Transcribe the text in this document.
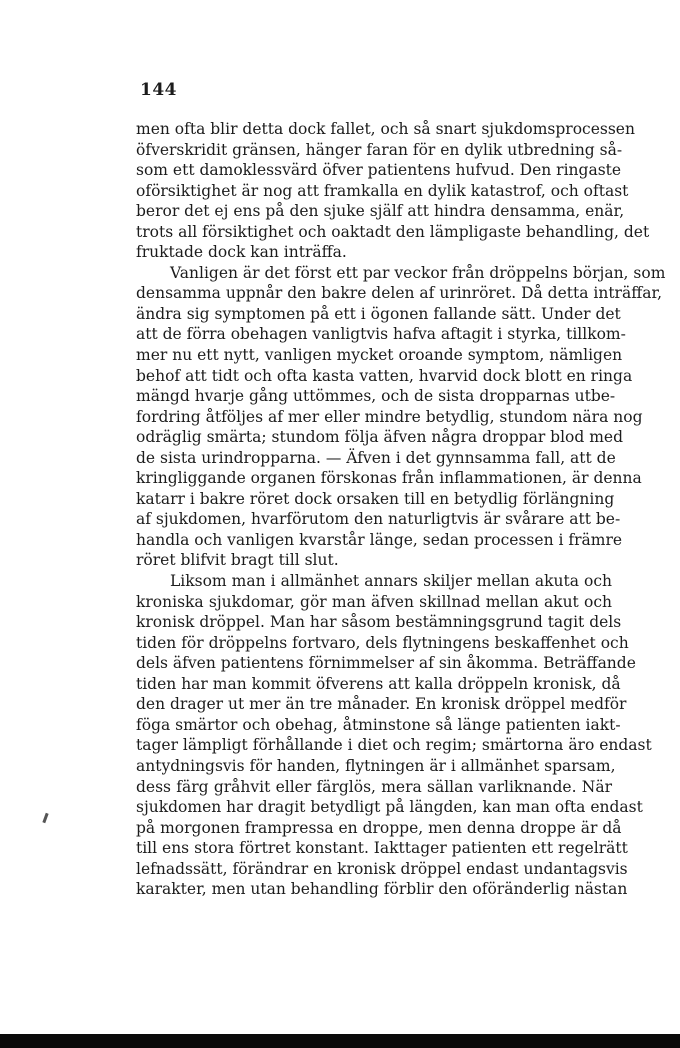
144
men oftа blir detta dock fallet, och så snart sjukdomsprocessen
öfverskridit gränsen, hänger faran för en dylik utbredning så-
som ett damoklessvärd öfver patientens hufvud. Den ringaste
oförsiktighet är nog att framkalla en dylik katastrof, och oftast
beror det ej ens på den sjuke själf att hindra densamma, enär,
trots all försiktighet och oaktadt den lämpligaste behandling, det
fruktade dock kan inträffa.
Vanligen är det först ett par veckor från dröppelns början, som
densamma uppnår den bakre delen af urinröret. Då detta inträffar,
ändra sig symptomen på ett i ögonen fallande sätt. Under det
att de förra obehagen vanligtvis hafva aftagit i styrka, tillkom-
mer nu ett nytt, vanligen mycket oroande symptom, nämligen
behof att tidt och ofta kasta vatten, hvarvid dock blott en ringa
mängd hvarje gång uttömmes, och de sista dropparnas utbe-
fordring åtföljes af mer eller mindre betydlig, stundom nära nog
odräglig smärta; stundom följa äfven några droppar blod med
de sista urindropparna. — Äfven i det gynnsamma fall, att de
kringliggande organen förskonas från inflammationen, är denna
katarr i bakre röret dock orsaken till en betydlig förlängning
af sjukdomen, hvarförutom den naturligtvis är svårare att be-
handla och vanligen kvarstår länge, sedan processen i främre
röret blifvit bragt till slut.
Liksom man i allmänhet annars skiljer mellan akuta och
kroniska sjukdomar, gör man äfven skillnad mellan akut och
kronisk dröppel. Man har såsom bestämningsgrund tagit dels
tiden för dröppelns fortvaro, dels flytningens beskaffenhet och
dels äfven patientens förnimmelser af sin åkomma. Beträffande
tiden har man kommit öfverens att kalla dröppeln kronisk, då
den drager ut mer än tre månader. En kronisk dröppel medför
föga smärtor och obehag, åtminstone så länge patienten iakt-
tager lämpligt förhållande i diet och regim; smärtorna äro endast
antydningsvis för handen, flytningen är i allmänhet sparsam,
dess färg gråhvit eller färglös, mera sällan varliknande. När
sjukdomen har dragit betydligt på längden, kan man ofta endast
på morgonen frampressa en droppe, men denna droppe är då
till ens stora förtret konstant. Iakttager patienten ett regelrätt
lefnadssätt, förändrar en kronisk dröppel endast undantagsvis
karakter, men utan behandling förblir den oföränderlig nästan
